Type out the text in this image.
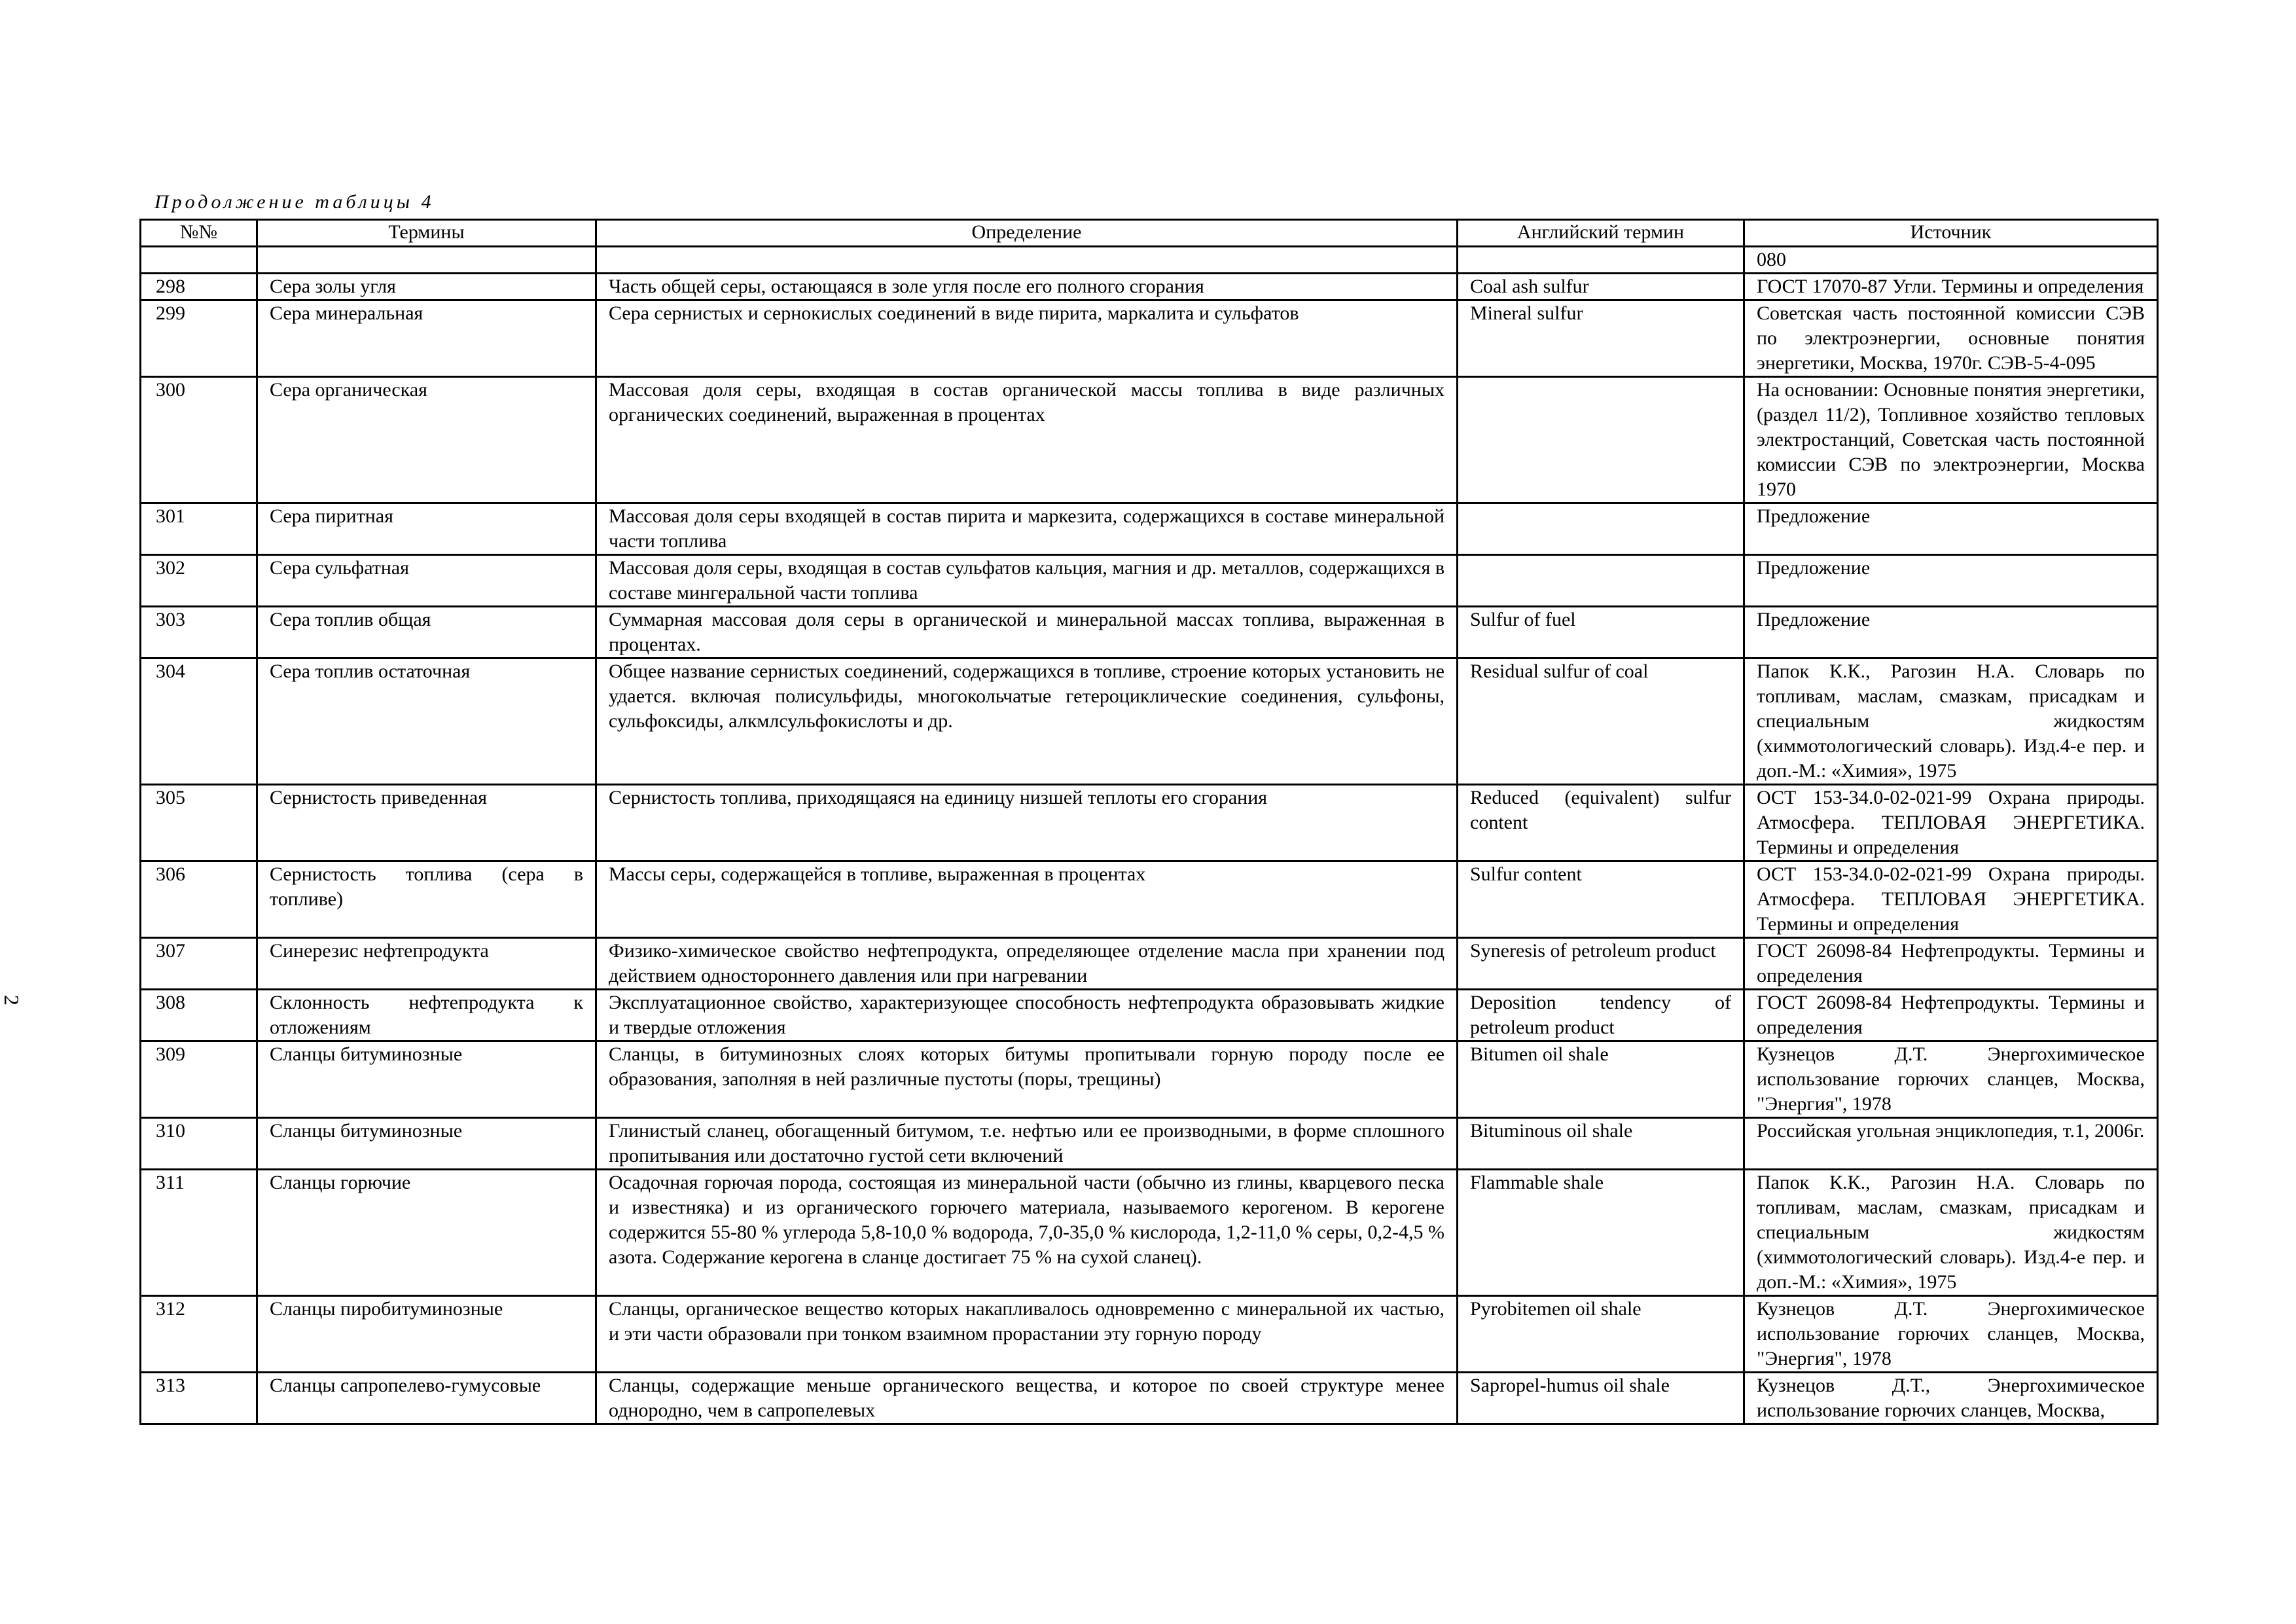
Продолжение таблицы 4
2
№№	Термины	Определение	Английский термин	Источник
				080
298	Сера золы угля	Часть общей серы, остающаяся в золе угля после его полного сгорания	Coal ash sulfur	ГОСТ 17070-87 Угли. Термины и определения
299	Сера минеральная	Сера сернистых и сернокислых соединений в виде пирита, маркалита и сульфатов	Mineral sulfur	Советская часть постоянной комиссии СЭВ по электроэнергии, основные понятия энергетики, Москва, 1970г. СЭВ-5-4-095
300	Сера органическая	Массовая доля серы, входящая в состав органической массы топлива в виде различных органических соединений, выраженная в процентах		На основании: Основные понятия энергетики, (раздел 11/2), Топливное хозяйство тепловых электростанций, Советская часть постоянной комиссии СЭВ по электроэнергии, Москва 1970
301	Сера пиритная	Массовая доля серы входящей в состав пирита и маркезита, содержащихся в составе минеральной части топлива		Предложение
302	Сера сульфатная	Массовая доля серы, входящая в состав сульфатов кальция, магния и др. металлов, содержащихся в составе мингеральной части топлива		Предложение
303	Сера топлив общая	Суммарная массовая доля серы в органической и минеральной массах топлива, выраженная в процентах.	Sulfur of fuel	Предложение
304	Сера топлив остаточная	Общее название сернистых соединений, содержащихся в топливе, строение которых установить не удается. включая полисульфиды, многокольчатые гетероциклические соединения, сульфоны, сульфоксиды, алкмлсульфокислоты и др.	Residual sulfur of coal	Папок К.К., Рагозин Н.А. Словарь по топливам, маслам, смазкам, присадкам и специальным жидкостям (химмотологический словарь). Изд.4-е пер. и доп.-М.: «Химия», 1975
305	Сернистость приведенная	Сернистость топлива, приходящаяся на единицу низшей теплоты его сгорания	Reduced (equivalent) sulfur content	ОСТ 153-34.0-02-021-99 Охрана природы. Атмосфера. ТЕПЛОВАЯ ЭНЕРГЕТИКА. Термины и определения
306	Сернистость топлива (сера в топливе)	Массы серы, содержащейся в топливе, выраженная в процентах	Sulfur content	ОСТ 153-34.0-02-021-99 Охрана природы. Атмосфера. ТЕПЛОВАЯ ЭНЕРГЕТИКА. Термины и определения
307	Синерезис нефтепродукта	Физико-химическое свойство нефтепродукта, определяющее отделение масла при хранении под действием одностороннего давления или при нагревании	Syneresis of petroleum product	ГОСТ 26098-84 Нефтепродукты. Термины и определения
308	Склонность нефтепродукта к отложениям	Эксплуатационное свойство, характеризующее способность нефтепродукта образовывать жидкие и твердые отложения	Deposition tendency of petroleum product	ГОСТ 26098-84 Нефтепродукты. Термины и определения
309	Сланцы битуминозные	Сланцы, в битуминозных слоях которых битумы пропитывали горную породу после ее образования, заполняя в ней различные пустоты (поры, трещины)	Bitumen oil shale	Кузнецов Д.Т. Энергохимическое использование горючих сланцев, Москва, "Энергия", 1978
310	Сланцы битуминозные	Глинистый сланец, обогащенный битумом, т.е. нефтью или ее производными, в форме сплошного пропитывания или достаточно густой сети включений	Bituminous oil shale	Российская угольная энциклопедия, т.1, 2006г.
311	Сланцы горючие	Осадочная горючая порода, состоящая из минеральной части (обычно из глины, кварцевого песка и известняка) и из органического горючего материала, называемого керогеном. В керогене содержится 55-80 % углерода 5,8-10,0 % водорода, 7,0-35,0 % кислорода, 1,2-11,0 % серы, 0,2-4,5 % азота. Содержание керогена в сланце достигает 75 % на сухой сланец).	Flammable shale	Папок К.К., Рагозин Н.А. Словарь по топливам, маслам, смазкам, присадкам и специальным жидкостям (химмотологический словарь). Изд.4-е пер. и доп.-М.: «Химия», 1975
312	Сланцы пиробитуминозные	Сланцы, органическое вещество которых накапливалось одновременно с минеральной их частью, и эти части образовали при тонком взаимном прорастании эту горную породу	Pyrobitemen oil shale	Кузнецов Д.Т. Энергохимическое использование горючих сланцев, Москва, "Энергия", 1978
313	Сланцы сапропелево-гумусовые	Сланцы, содержащие меньше органического вещества, и которое по своей структуре менее однородно, чем в сапропелевых	Sapropel-humus oil shale	Кузнецов Д.Т., Энергохимическое использование горючих сланцев, Москва,
